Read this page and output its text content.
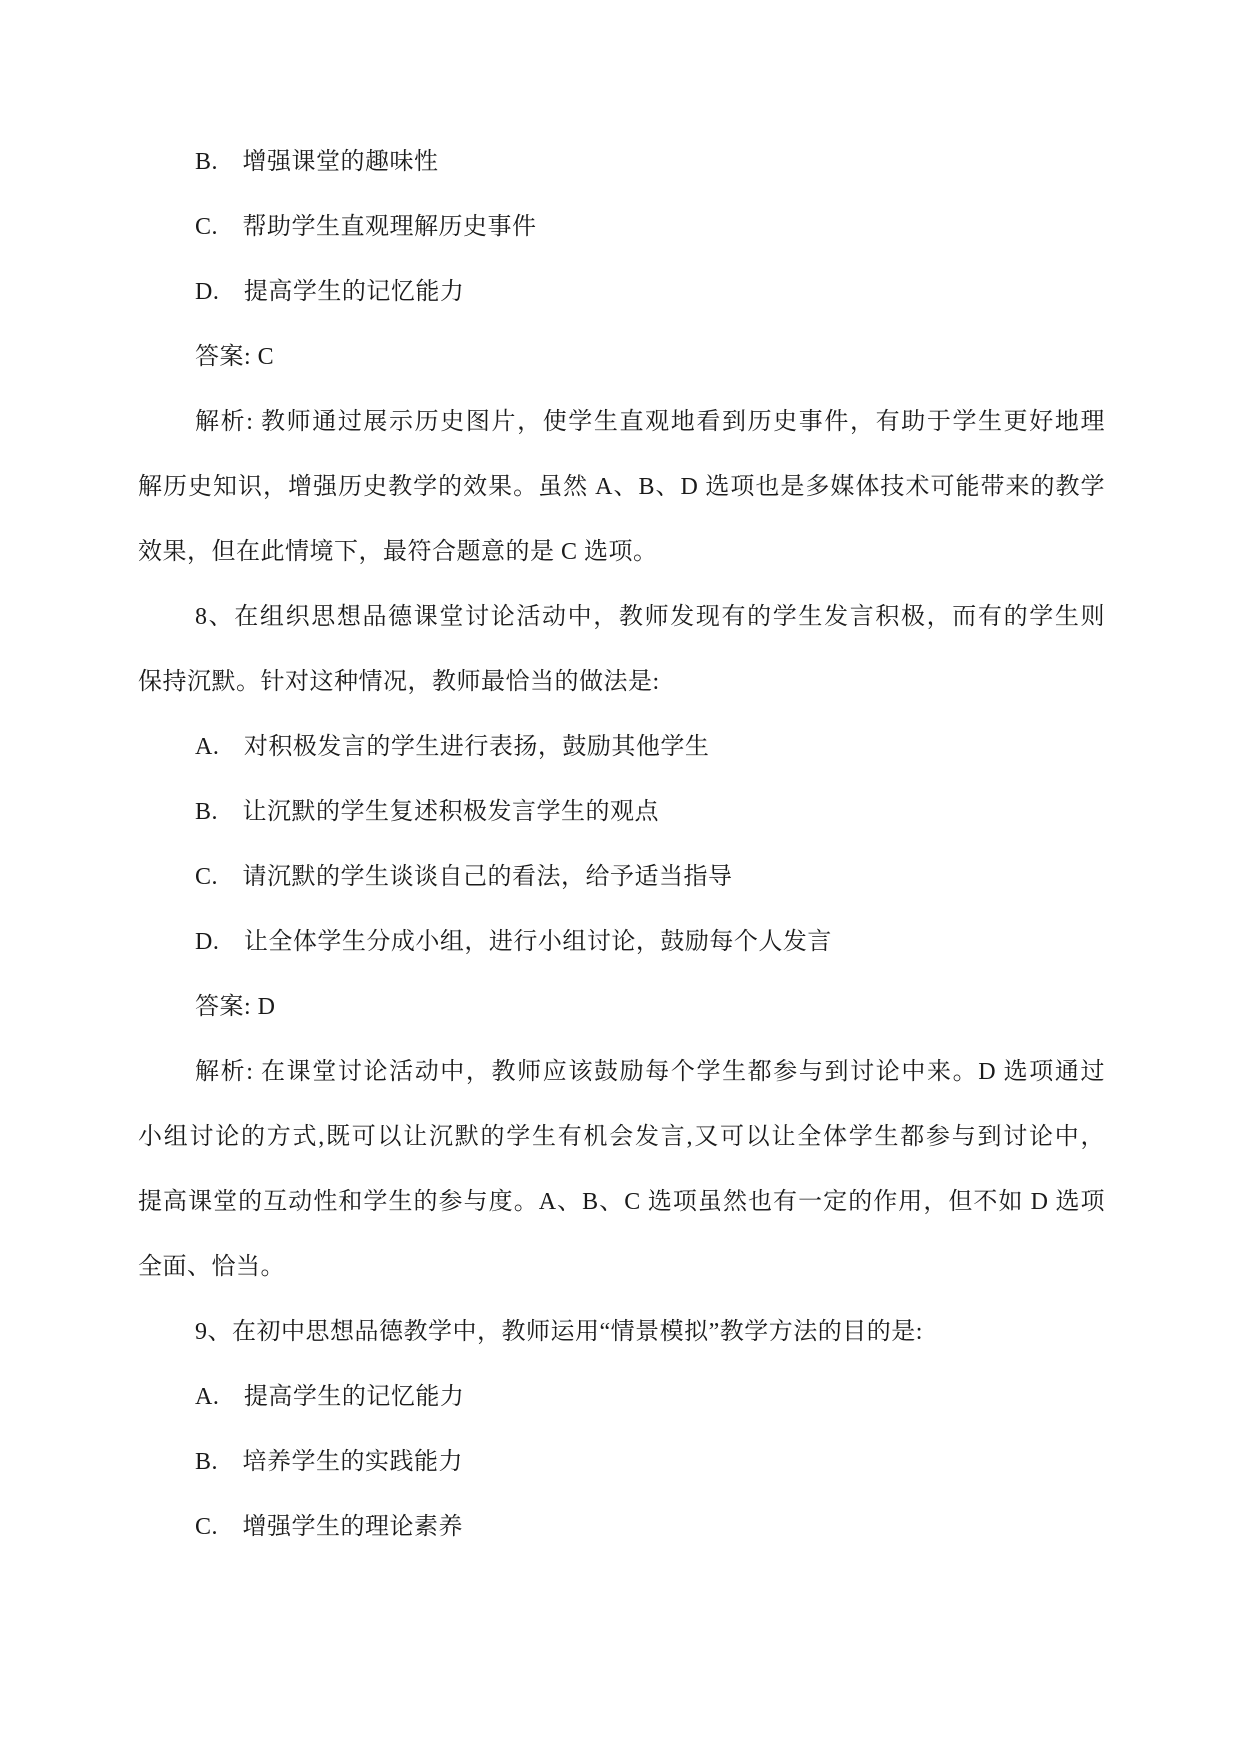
B.　增强课堂的趣味性
C.　帮助学生直观理解历史事件
D.　提高学生的记忆能力
答案: C
解析: 教师通过展示历史图片，使学生直观地看到历史事件，有助于学生更好地理
解历史知识，增强历史教学的效果。虽然 A、B、D 选项也是多媒体技术可能带来的教学
效果，但在此情境下，最符合题意的是 C 选项。
8、在组织思想品德课堂讨论活动中，教师发现有的学生发言积极，而有的学生则
保持沉默。针对这种情况，教师最恰当的做法是:
A.　对积极发言的学生进行表扬，鼓励其他学生
B.　让沉默的学生复述积极发言学生的观点
C.　请沉默的学生谈谈自己的看法，给予适当指导
D.　让全体学生分成小组，进行小组讨论，鼓励每个人发言
答案: D
解析: 在课堂讨论活动中，教师应该鼓励每个学生都参与到讨论中来。D 选项通过
小组讨论的方式,既可以让沉默的学生有机会发言,又可以让全体学生都参与到讨论中，
提高课堂的互动性和学生的参与度。A、B、C 选项虽然也有一定的作用，但不如 D 选项
全面、恰当。
9、在初中思想品德教学中，教师运用“情景模拟”教学方法的目的是:
A.　提高学生的记忆能力
B.　培养学生的实践能力
C.　增强学生的理论素养
